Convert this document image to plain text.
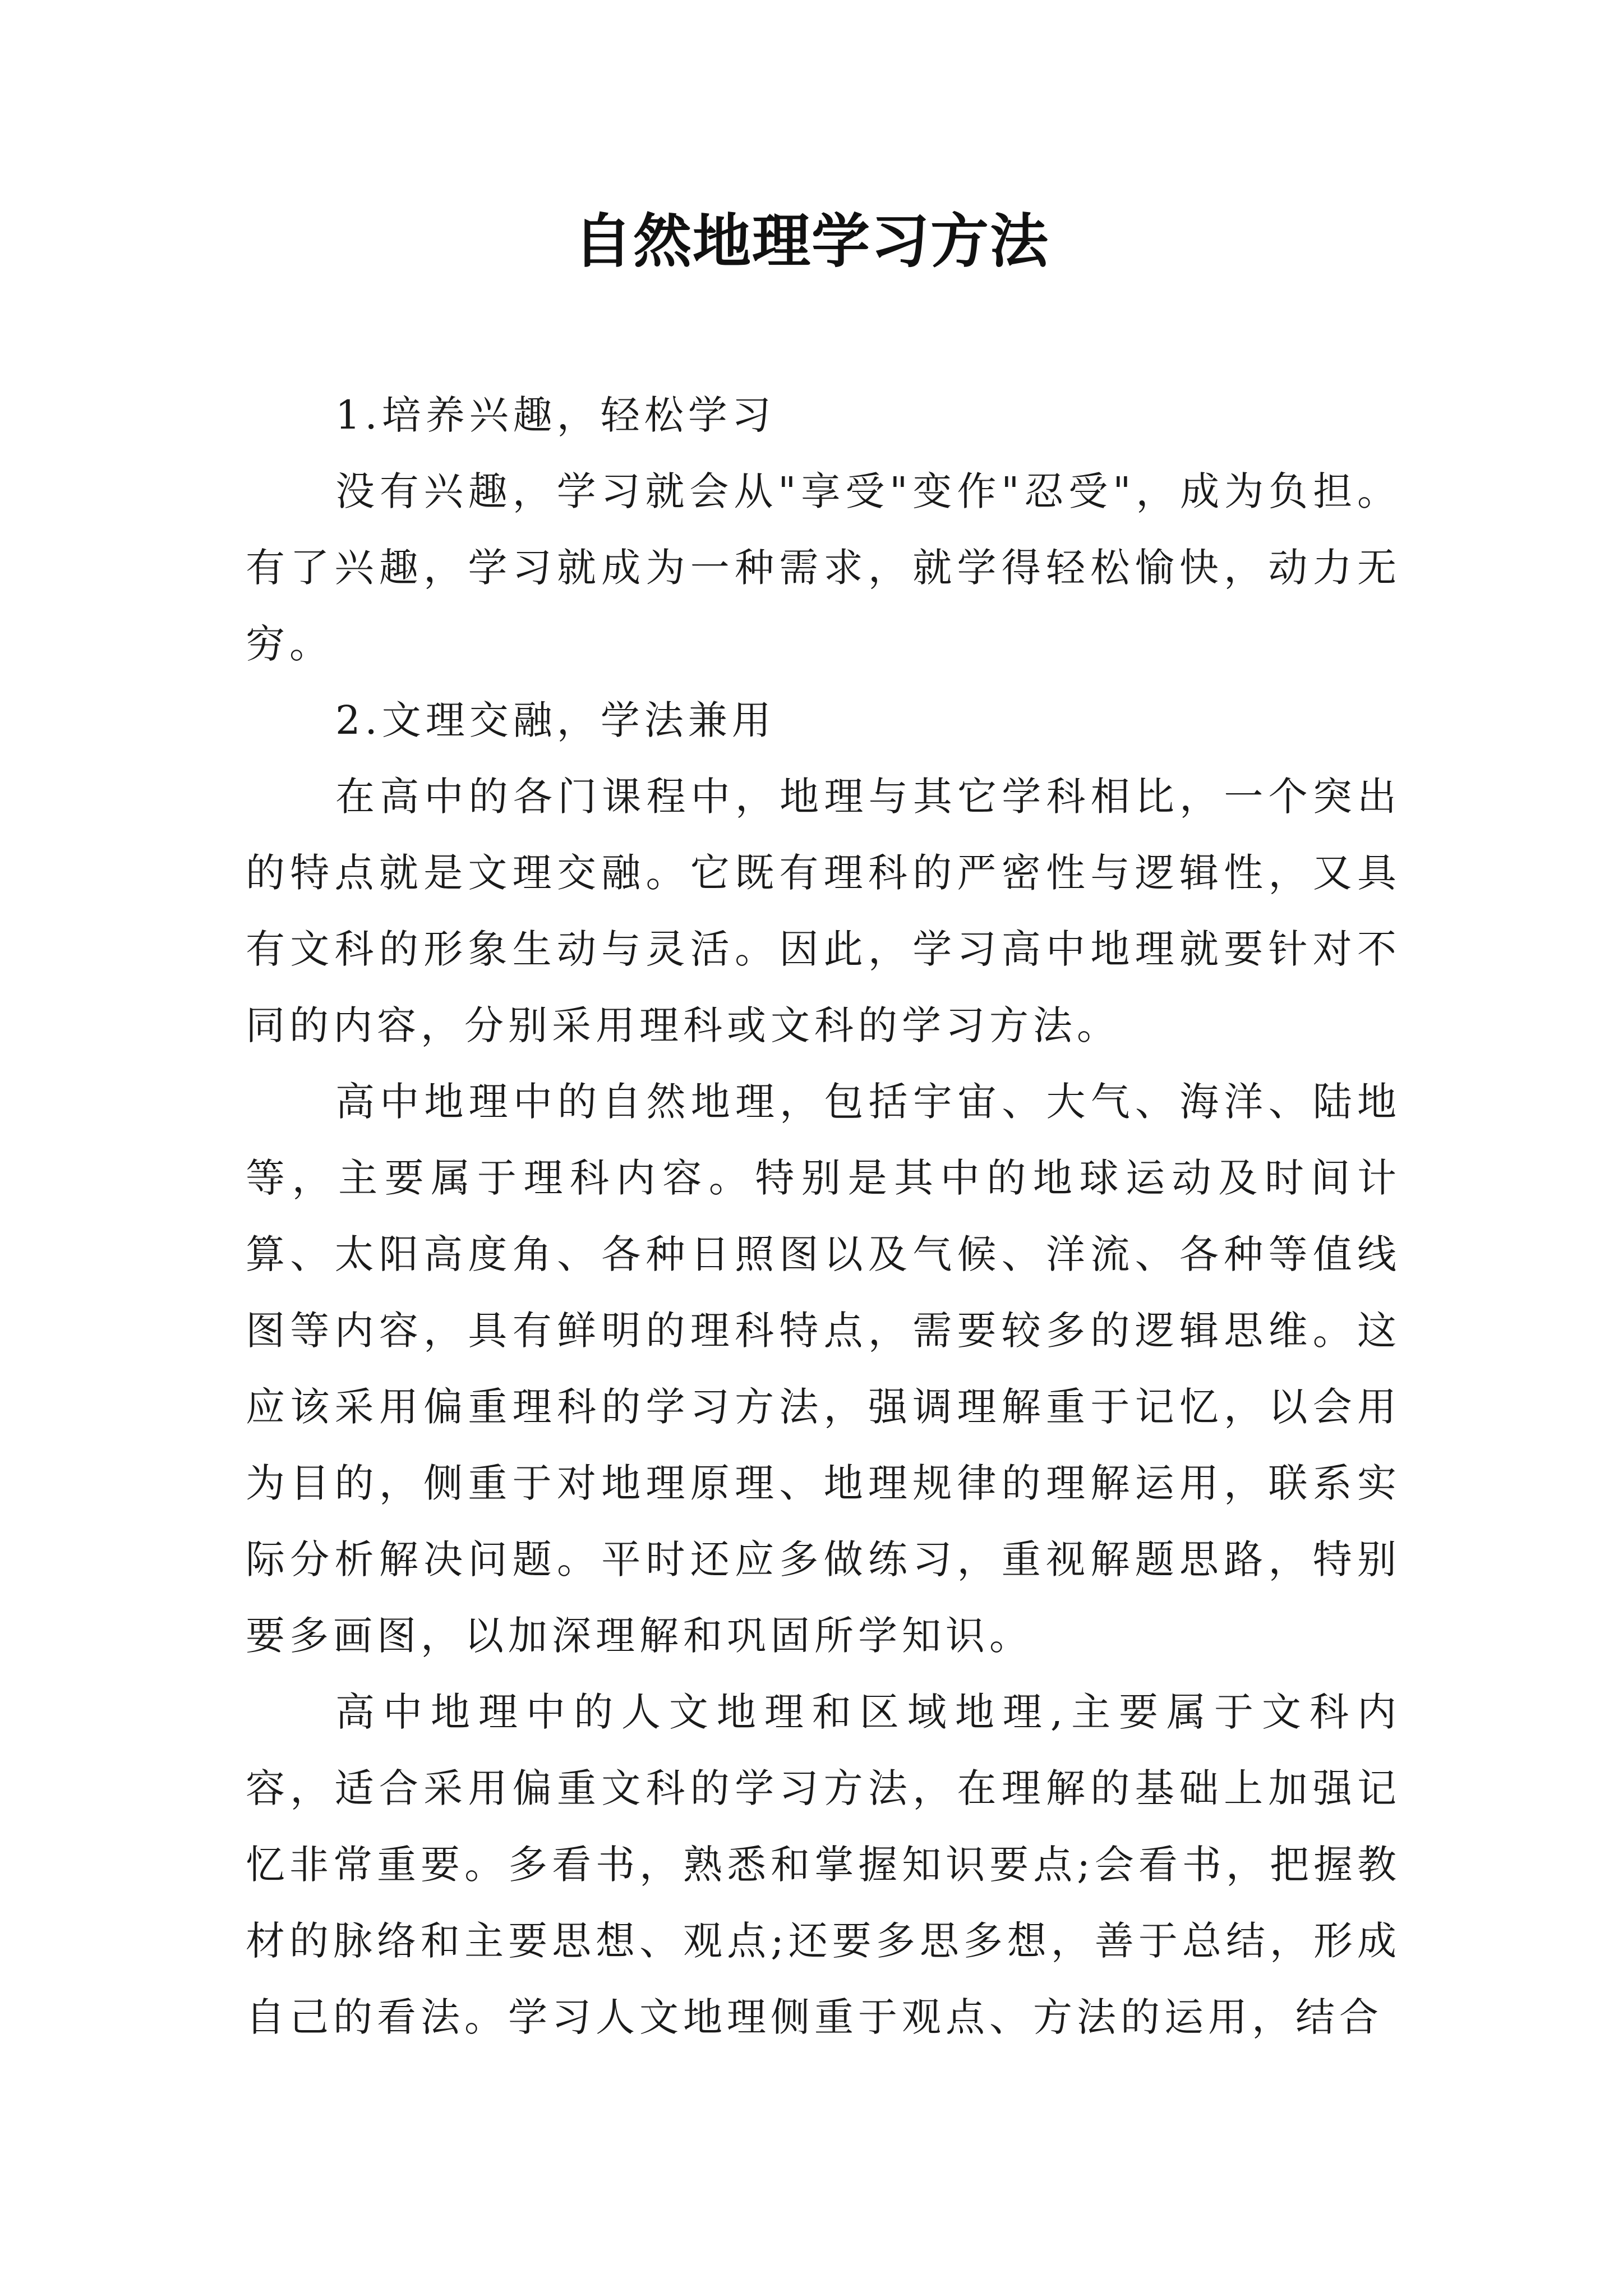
自然地理学习方法

1.培养兴趣，轻松学习

没有兴趣，学习就会从"享受"变作"忍受"，成为负担。有了兴趣，学习就成为一种需求，就学得轻松愉快，动力无穷。

2.文理交融，学法兼用

在高中的各门课程中，地理与其它学科相比，一个突出的特点就是文理交融。它既有理科的严密性与逻辑性，又具有文科的形象生动与灵活。因此，学习高中地理就要针对不同的内容，分别采用理科或文科的学习方法。

高中地理中的自然地理，包括宇宙、大气、海洋、陆地等，主要属于理科内容。特别是其中的地球运动及时间计算、太阳高度角、各种日照图以及气候、洋流、各种等值线图等内容，具有鲜明的理科特点，需要较多的逻辑思维。这应该采用偏重理科的学习方法，强调理解重于记忆，以会用为目的，侧重于对地理原理、地理规律的理解运用，联系实际分析解决问题。平时还应多做练习，重视解题思路，特别要多画图，以加深理解和巩固所学知识。

高中地理中的人文地理和区域地理,主要属于文科内容，适合采用偏重文科的学习方法，在理解的基础上加强记忆非常重要。多看书，熟悉和掌握知识要点;会看书，把握教材的脉络和主要思想、观点;还要多思多想，善于总结，形成自己的看法。学习人文地理侧重于观点、方法的运用，结合
